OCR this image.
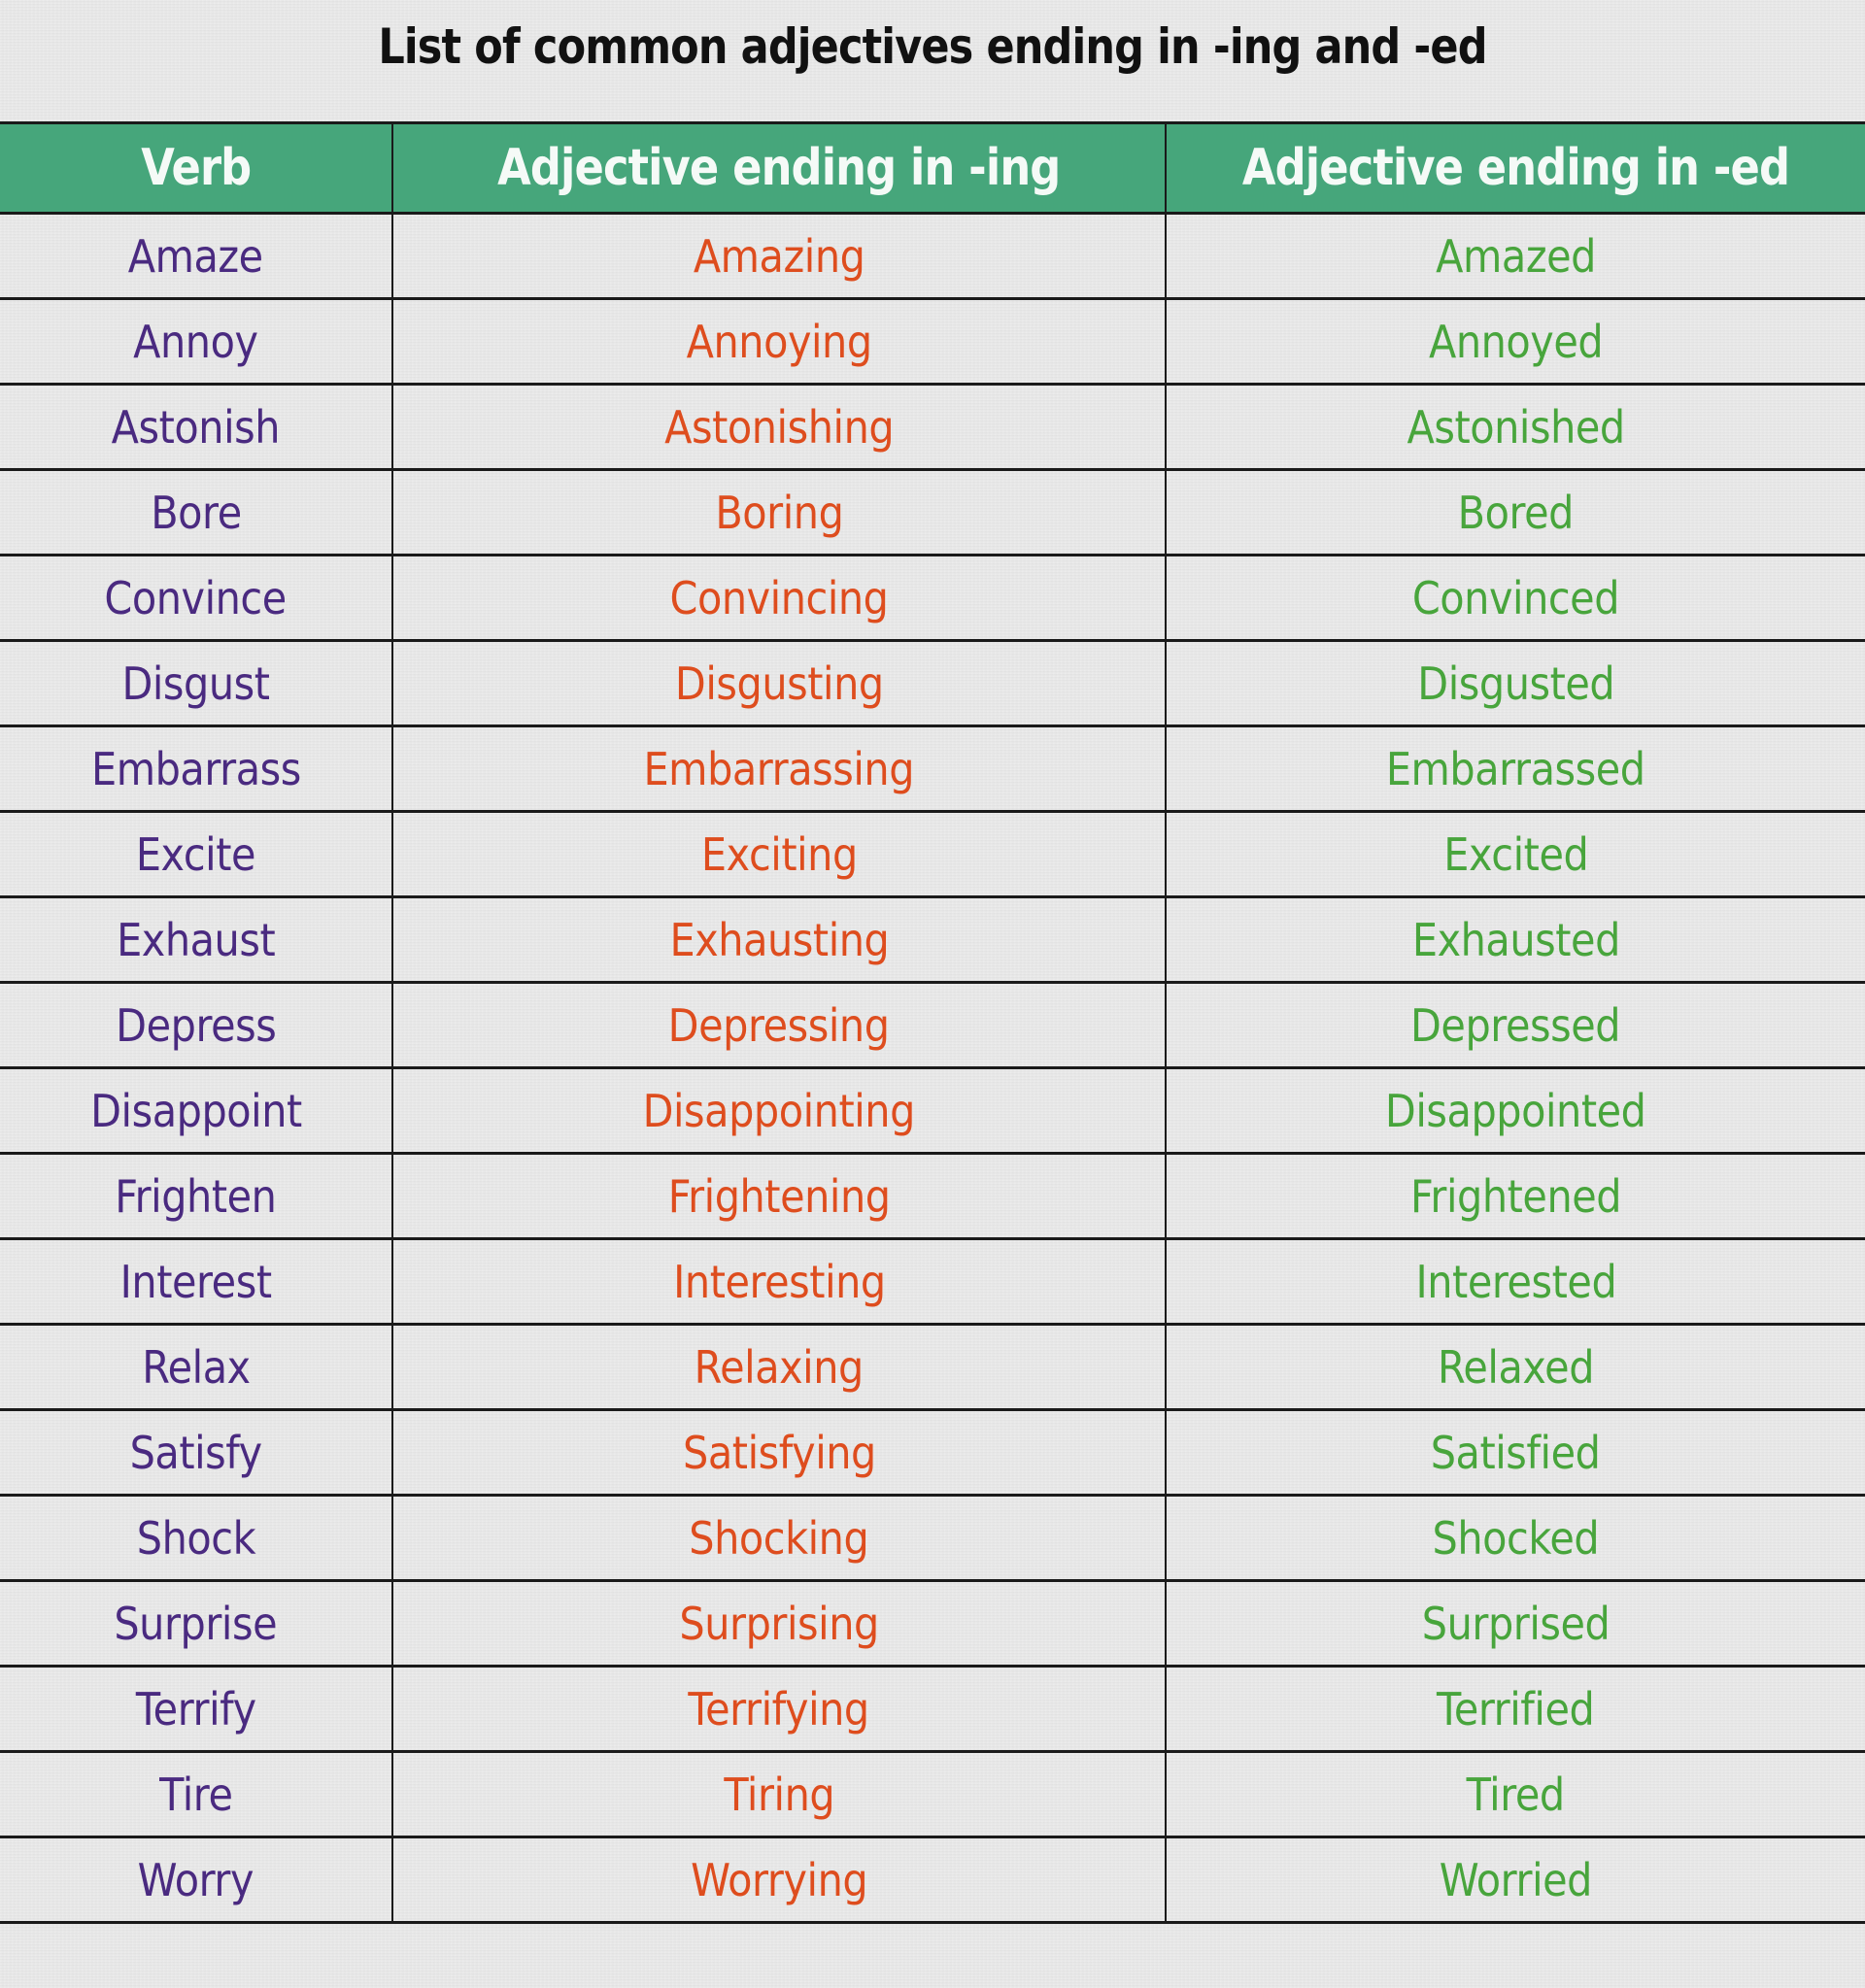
List of common adjectives ending in -ing and -ed
Verb	Adjective ending in -ing	Adjective ending in -ed
Amaze	Amazing	Amazed
Annoy	Annoying	Annoyed
Astonish	Astonishing	Astonished
Bore	Boring	Bored
Convince	Convincing	Convinced
Disgust	Disgusting	Disgusted
Embarrass	Embarrassing	Embarrassed
Excite	Exciting	Excited
Exhaust	Exhausting	Exhausted
Depress	Depressing	Depressed
Disappoint	Disappointing	Disappointed
Frighten	Frightening	Frightened
Interest	Interesting	Interested
Relax	Relaxing	Relaxed
Satisfy	Satisfying	Satisfied
Shock	Shocking	Shocked
Surprise	Surprising	Surprised
Terrify	Terrifying	Terrified
Tire	Tiring	Tired
Worry	Worrying	Worried
